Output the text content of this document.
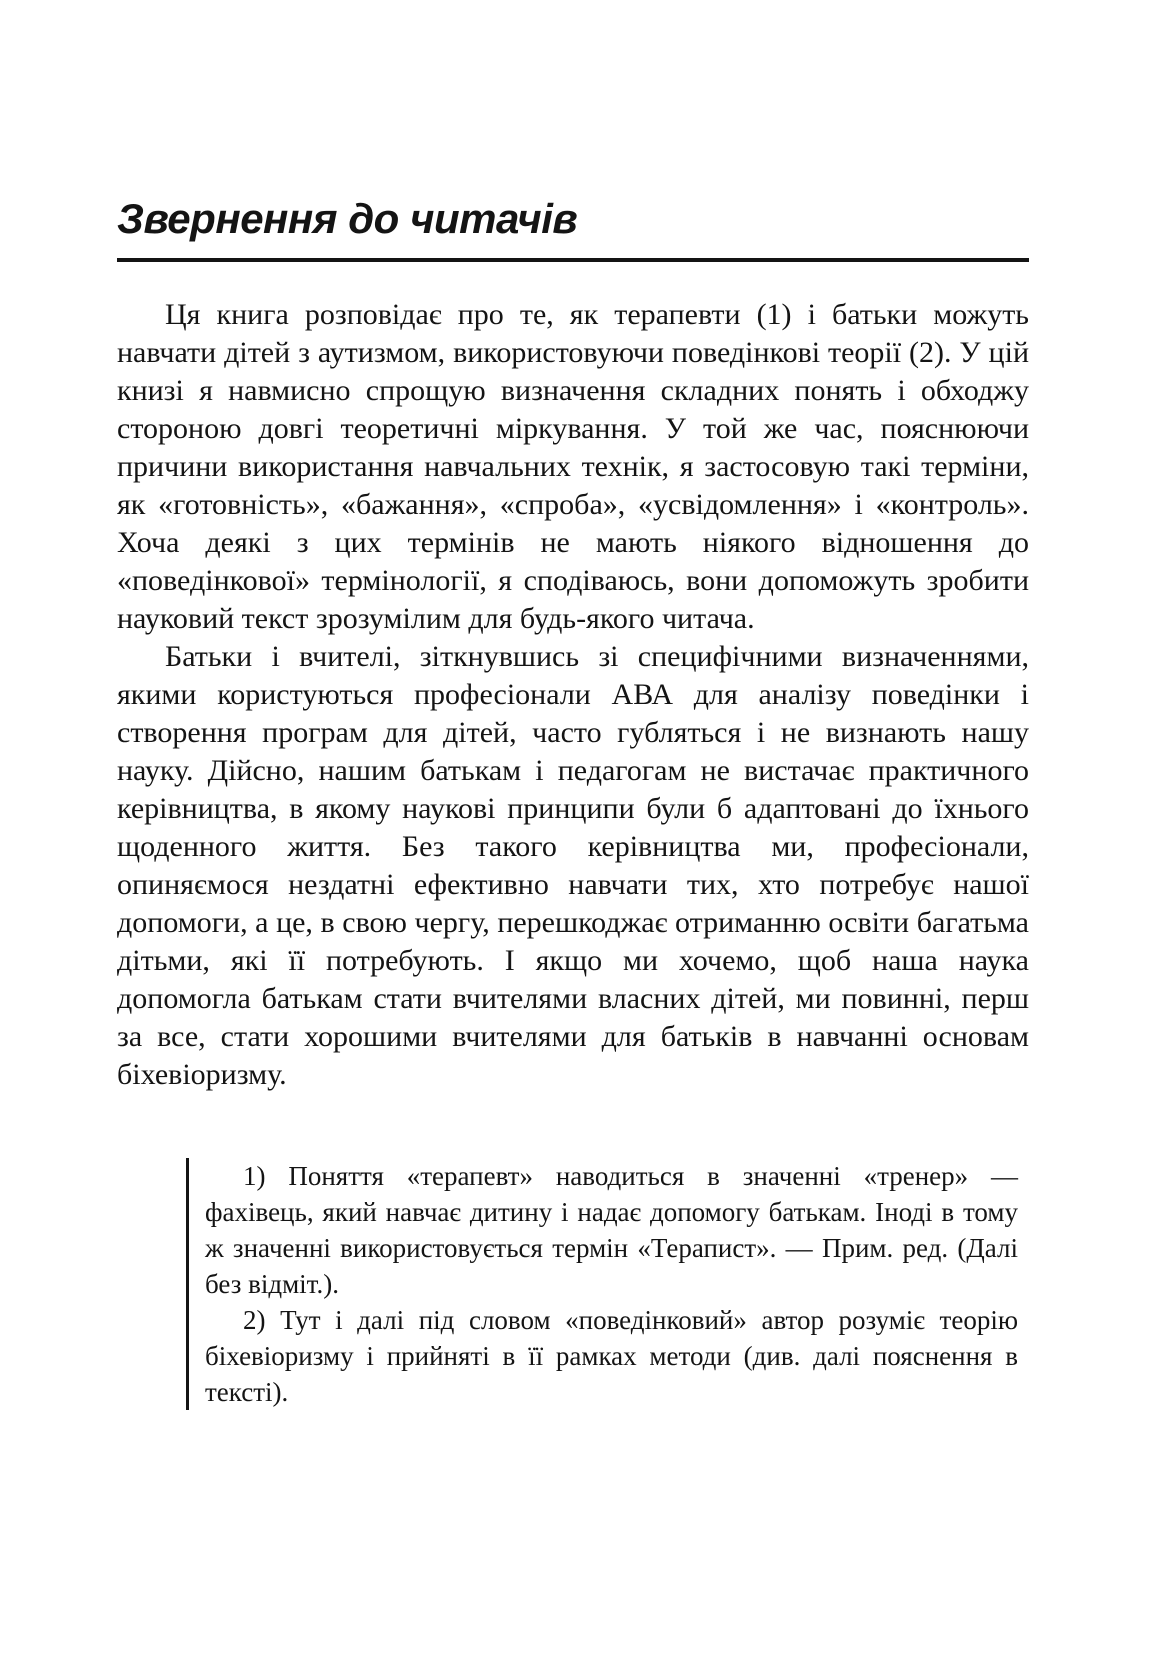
Звернення до читачів

Ця книга розповідає про те, як терапевти (1) і батьки можуть навчати дітей з аутизмом, використовуючи поведінкові теорії (2). У цій книзі я навмисно спрощую визначення складних понять і обходжу стороною довгі теоретичні міркування. У той же час, пояснюючи причини використання навчальних технік, я застосовую такі терміни, як «готовність», «бажання», «спроба», «усвідомлення» і «контроль». Хоча деякі з цих термінів не мають ніякого відношення до «поведінкової» термінології, я сподіваюсь, вони допоможуть зробити науковий текст зрозумілим для будь-якого читача.

Батьки і вчителі, зіткнувшись зі специфічними визначеннями, якими користуються професіонали АВА для аналізу поведінки і створення програм для дітей, часто губляться і не визнають нашу науку. Дійсно, нашим батькам і педагогам не вистачає практичного керівництва, в якому наукові принципи були б адаптовані до їхнього щоденного життя. Без такого керівництва ми, професіонали, опиняємося нездатні ефективно навчати тих, хто потребує нашої допомоги, а це, в свою чергу, перешкоджає отриманню освіти багатьма дітьми, які її потребують. І якщо ми хочемо, щоб наша наука допомогла батькам стати вчителями власних дітей, ми повинні, перш за все, стати хорошими вчителями для батьків в навчанні основам біхевіоризму.

1) Поняття «терапевт» наводиться в значенні «тренер» — фахівець, який навчає дитину і надає допомогу батькам. Іноді в тому ж значенні використовується термін «Терапист». — Прим. ред. (Далі без відміт.).

2) Тут і далі під словом «поведінковий» автор розуміє теорію біхевіоризму і прийняті в її рамках методи (див. далі пояснення в тексті).
